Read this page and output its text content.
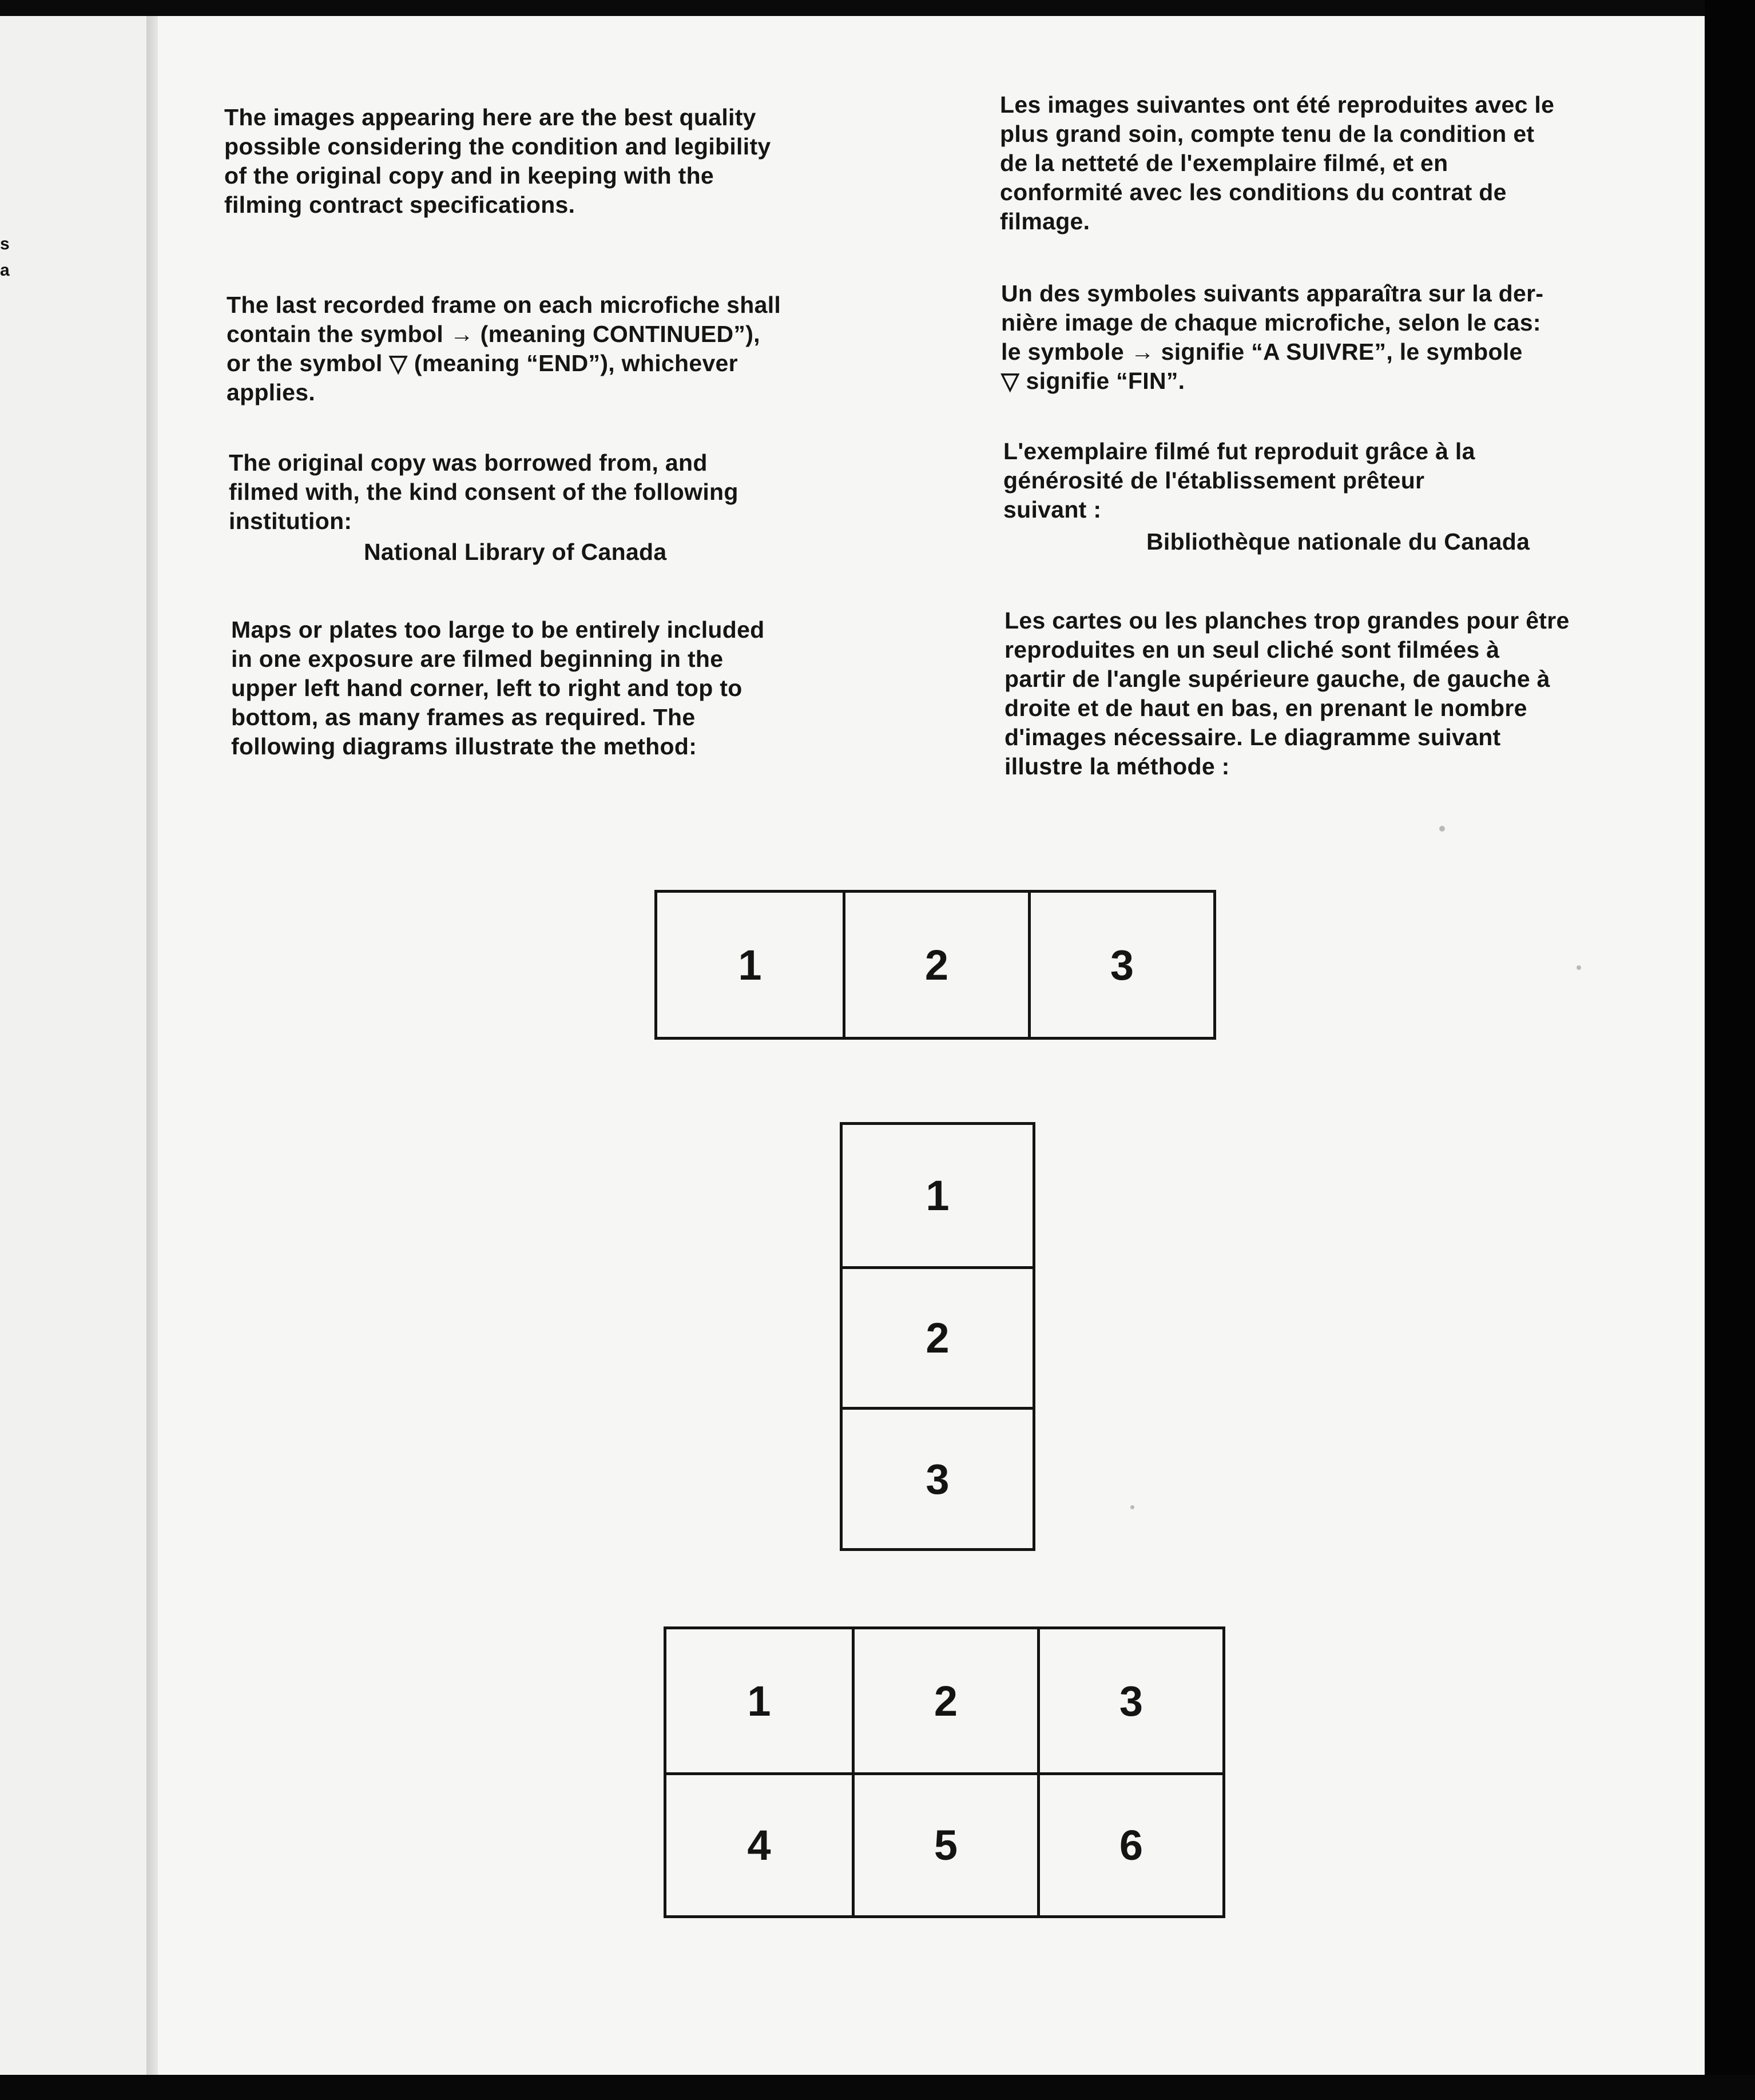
s
a
The images appearing here are the best quality
possible considering the condition and legibility
of the original copy and in keeping with the
filming contract specifications.
The last recorded frame on each microfiche shall
contain the symbol → (meaning CONTINUED”),
or the symbol ▽ (meaning “END”), whichever
applies.
The original copy was borrowed from, and
filmed with, the kind consent of the following
institution:
National Library of Canada
Maps or plates too large to be entirely included
in one exposure are filmed beginning in the
upper left hand corner, left to right and top to
bottom, as many frames as required. The
following diagrams illustrate the method:
Les images suivantes ont été reproduites avec le
plus grand soin, compte tenu de la condition et
de la netteté de l'exemplaire filmé, et en
conformité avec les conditions du contrat de
filmage.
Un des symboles suivants apparaîtra sur la der-
nière image de chaque microfiche, selon le cas:
le symbole → signifie “A SUIVRE”, le symbole
▽ signifie “FIN”.
L'exemplaire filmé fut reproduit grâce à la
générosité de l'établissement prêteur
suivant :
Bibliothèque nationale du Canada
Les cartes ou les planches trop grandes pour être
reproduites en un seul cliché sont filmées à
partir de l'angle supérieure gauche, de gauche à
droite et de haut en bas, en prenant le nombre
d'images nécessaire. Le diagramme suivant
illustre la méthode :
1	2	3
1
2
3
1	2	3
4	5	6
